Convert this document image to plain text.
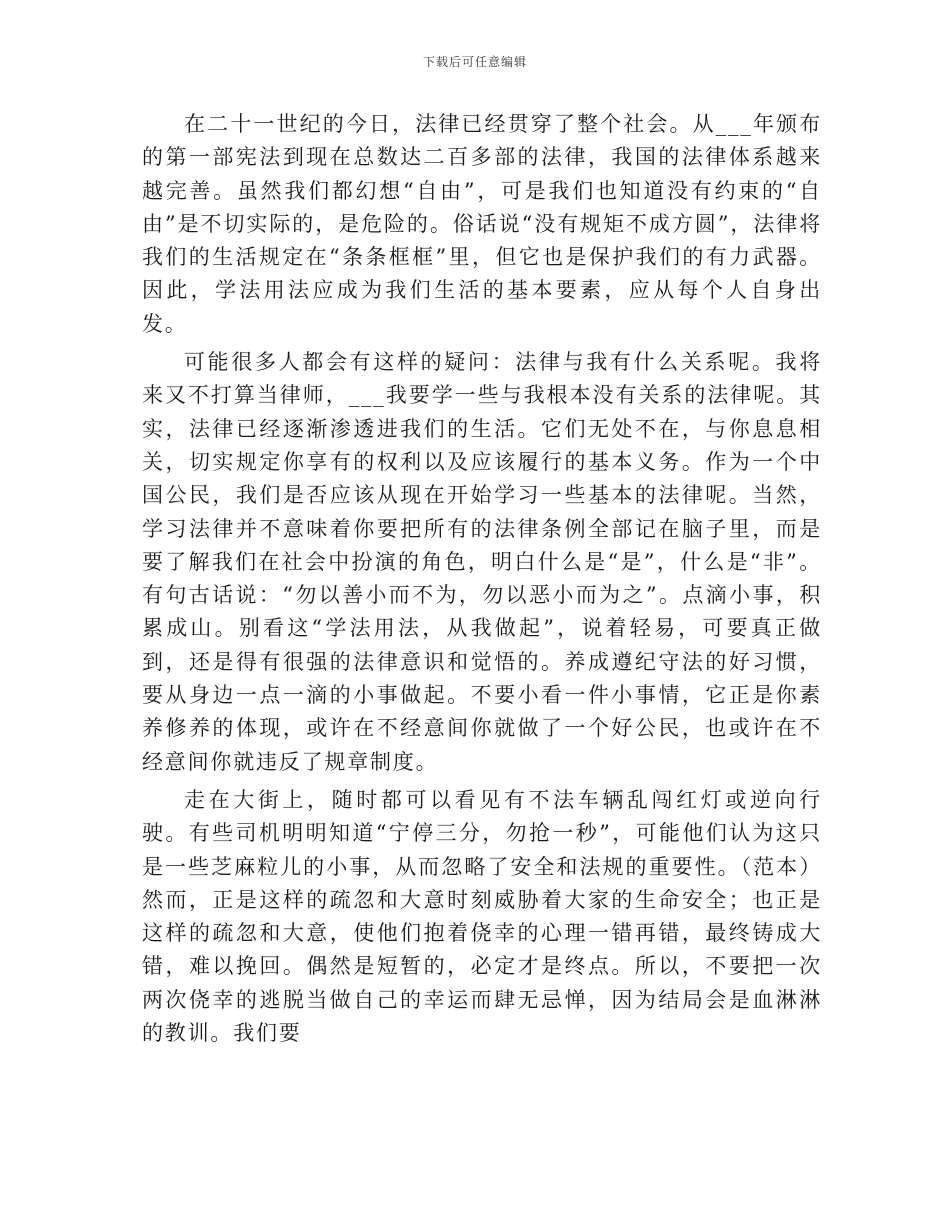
下载后可任意编辑

在二十一世纪的今日，法律已经贯穿了整个社会。从___年颁布的第一部宪法到现在总数达二百多部的法律，我国的法律体系越来越完善。虽然我们都幻想“自由”，可是我们也知道没有约束的“自由”是不切实际的，是危险的。俗话说“没有规矩不成方圆”，法律将我们的生活规定在“条条框框”里，但它也是保护我们的有力武器。因此，学法用法应成为我们生活的基本要素，应从每个人自身出发。

可能很多人都会有这样的疑问：法律与我有什么关系呢。我将来又不打算当律师，___我要学一些与我根本没有关系的法律呢。其实，法律已经逐渐渗透进我们的生活。它们无处不在，与你息息相关，切实规定你享有的权利以及应该履行的基本义务。作为一个中国公民，我们是否应该从现在开始学习一些基本的法律呢。当然，学习法律并不意味着你要把所有的法律条例全部记在脑子里，而是要了解我们在社会中扮演的角色，明白什么是“是”，什么是“非”。有句古话说：“勿以善小而不为，勿以恶小而为之”。点滴小事，积累成山。别看这“学法用法，从我做起”，说着轻易，可要真正做到，还是得有很强的法律意识和觉悟的。养成遵纪守法的好习惯，要从身边一点一滴的小事做起。不要小看一件小事情，它正是你素养修养的体现，或许在不经意间你就做了一个好公民，也或许在不经意间你就违反了规章制度。

走在大街上，随时都可以看见有不法车辆乱闯红灯或逆向行驶。有些司机明明知道“宁停三分，勿抢一秒”，可能他们认为这只是一些芝麻粒儿的小事，从而忽略了安全和法规的重要性。（范本）然而，正是这样的疏忽和大意时刻威胁着大家的生命安全；也正是这样的疏忽和大意，使他们抱着侥幸的心理一错再错，最终铸成大错，难以挽回。偶然是短暂的，必定才是终点。所以，不要把一次两次侥幸的逃脱当做自己的幸运而肆无忌惮，因为结局会是血淋淋的教训。我们要
